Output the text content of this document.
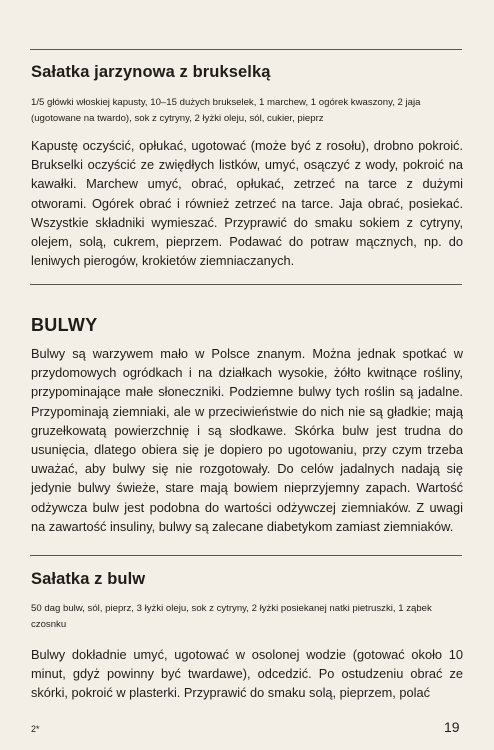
Sałatka jarzynowa z brukselką
1/5 główki włoskiej kapusty, 10–15 dużych brukselek, 1 marchew, 1 ogórek kwaszony, 2 jaja (ugotowane na twardo), sok z cytryny, 2 łyżki oleju, sól, cukier, pieprz
Kapustę oczyścić, opłukać, ugotować (może być z rosołu), drobno pokroić. Brukselki oczyścić ze zwiędłych listków, umyć, osączyć z wody, pokroić na kawałki. Marchew umyć, obrać, opłukać, zetrzeć na tarce z dużymi otworami. Ogórek obrać i również zetrzeć na tarce. Jaja obrać, posiekać. Wszystkie składniki wymieszać. Przyprawić do smaku sokiem z cytryny, olejem, solą, cukrem, pieprzem. Podawać do potraw mącznych, np. do leniwych pierogów, krokietów ziemniaczanych.
BULWY
Bulwy są warzywem mało w Polsce znanym. Można jednak spotkać w przydomowych ogródkach i na działkach wysokie, żółto kwitnące rośliny, przypominające małe słoneczniki. Podziemne bulwy tych roślin są jadalne. Przypominają ziemniaki, ale w przeciwieństwie do nich nie są gładkie; mają gruzełkowatą powierzchnię i są słodkawe. Skórka bulw jest trudna do usunięcia, dlatego obiera się je dopiero po ugotowaniu, przy czym trzeba uważać, aby bulwy się nie rozgotowały. Do celów jadalnych nadają się jedynie bulwy świeże, stare mają bowiem nieprzyjemny zapach. Wartość odżywcza bulw jest podobna do wartości odżywczej ziemniaków. Z uwagi na zawartość insuliny, bulwy są zalecane diabetykom zamiast ziemniaków.
Sałatka z bulw
50 dag bulw, sól, pieprz, 3 łyżki oleju, sok z cytryny, 2 łyżki posiekanej natki pietruszki, 1 ząbek czosnku
Bulwy dokładnie umyć, ugotować w osolonej wodzie (gotować około 10 minut, gdyż powinny być twardawe), odcedzić. Po ostudzeniu obrać ze skórki, pokroić w plasterki. Przyprawić do smaku solą, pieprzem, polać
2*	19
